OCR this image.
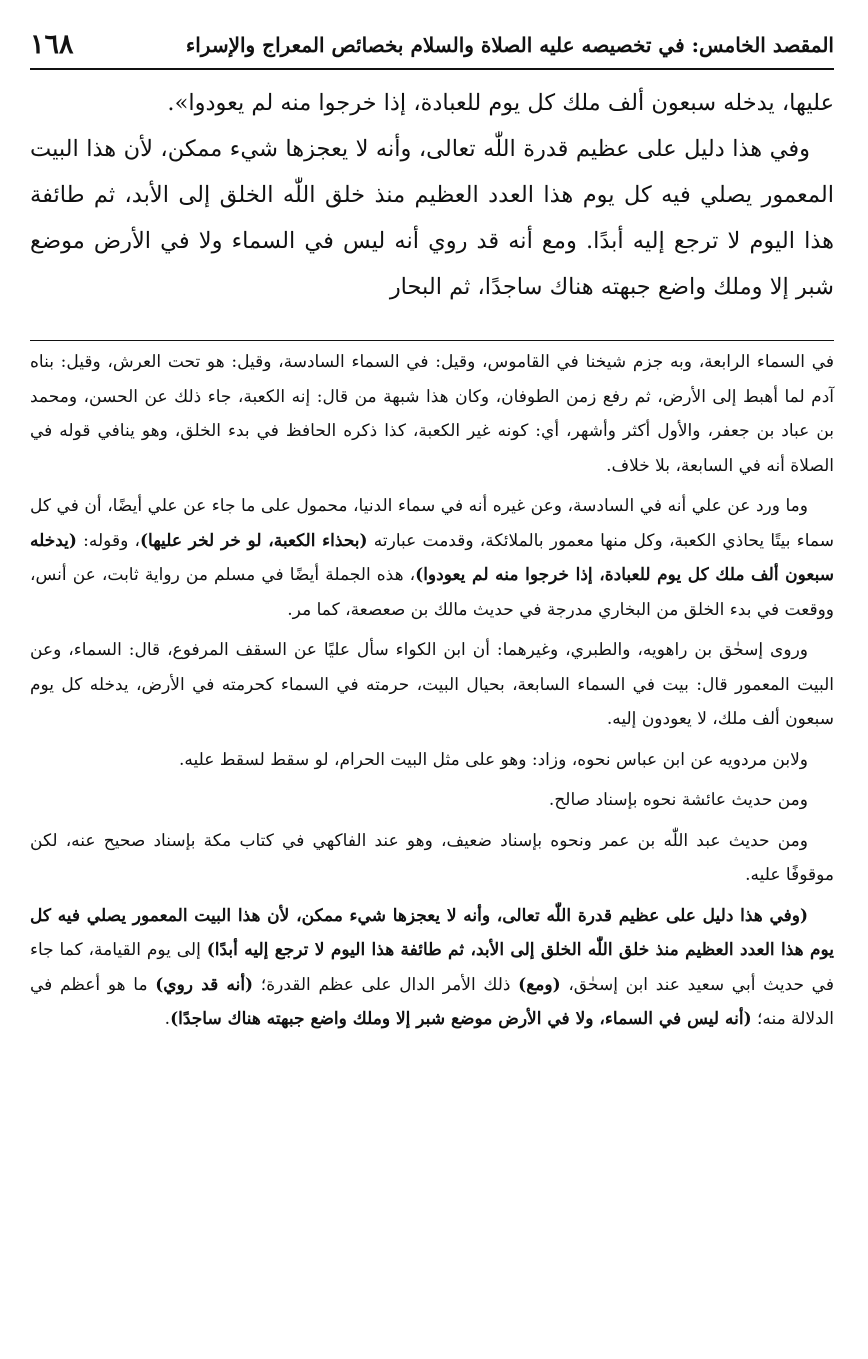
المقصد الخامس: في تخصيصه عليه الصلاة والسلام بخصائص المعراج والإسراء
١٦٨

عليها، يدخله سبعون ألف ملك كل يوم للعبادة، إذا خرجوا منه لم يعودوا».

وفي هذا دليل على عظيم قدرة اللّٰه تعالى، وأنه لا يعجزها شيء ممكن، لأن هذا البيت المعمور يصلي فيه كل يوم هذا العدد العظيم منذ خلق اللّٰه الخلق إلى الأبد، ثم طائفة هذا اليوم لا ترجع إليه أبدًا. ومع أنه قد روي أنه ليس في السماء ولا في الأرض موضع شبر إلا وملك واضع جبهته هناك ساجدًا، ثم البحار

في السماء الرابعة، وبه جزم شيخنا في القاموس، وقيل: في السماء السادسة، وقيل: هو تحت العرش، وقيل: بناه آدم لما أهبط إلى الأرض، ثم رفع زمن الطوفان، وكان هذا شبهة من قال: إنه الكعبة، جاء ذلك عن الحسن، ومحمد بن عباد بن جعفر، والأول أكثر وأشهر، أي: كونه غير الكعبة، كذا ذكره الحافظ في بدء الخلق، وهو ينافي قوله في الصلاة أنه في السابعة، بلا خلاف.

وما ورد عن علي أنه في السادسة، وعن غيره أنه في سماء الدنيا، محمول على ما جاء عن علي أيضًا، أن في كل سماء بيتًا يحاذي الكعبة، وكل منها معمور بالملائكة، وقدمت عبارته (بحذاء الكعبة، لو خر لخر عليها)، وقوله: (يدخله سبعون ألف ملك كل يوم للعبادة، إذا خرجوا منه لم يعودوا)، هذه الجملة أيضًا في مسلم من رواية ثابت، عن أنس، ووقعت في بدء الخلق من البخاري مدرجة في حديث مالك بن صعصعة، كما مر.

وروى إسحٰق بن راهويه، والطبري، وغيرهما: أن ابن الكواء سأل عليًا عن السقف المرفوع، قال: السماء، وعن البيت المعمور قال: بيت في السماء السابعة، بحيال البيت، حرمته في السماء كحرمته في الأرض، يدخله كل يوم سبعون ألف ملك، لا يعودون إليه.

ولابن مردويه عن ابن عباس نحوه، وزاد: وهو على مثل البيت الحرام، لو سقط لسقط عليه.

ومن حديث عائشة نحوه بإسناد صالح.

ومن حديث عبد اللّٰه بن عمر ونحوه بإسناد ضعيف، وهو عند الفاكهي في كتاب مكة بإسناد صحيح عنه، لكن موقوفًا عليه.

(وفي هذا دليل على عظيم قدرة اللّٰه تعالى، وأنه لا يعجزها شيء ممكن، لأن هذا البيت المعمور يصلي فيه كل يوم هذا العدد العظيم منذ خلق اللّٰه الخلق إلى الأبد، ثم طائفة هذا اليوم لا ترجع إليه أبدًا) إلى يوم القيامة، كما جاء في حديث أبي سعيد عند ابن إسحٰق، (ومع) ذلك الأمر الدال على عظم القدرة؛ (أنه قد روي) ما هو أعظم في الدلالة منه؛ (أنه ليس في السماء، ولا في الأرض موضع شبر إلا وملك واضع جبهته هناك ساجدًا).
